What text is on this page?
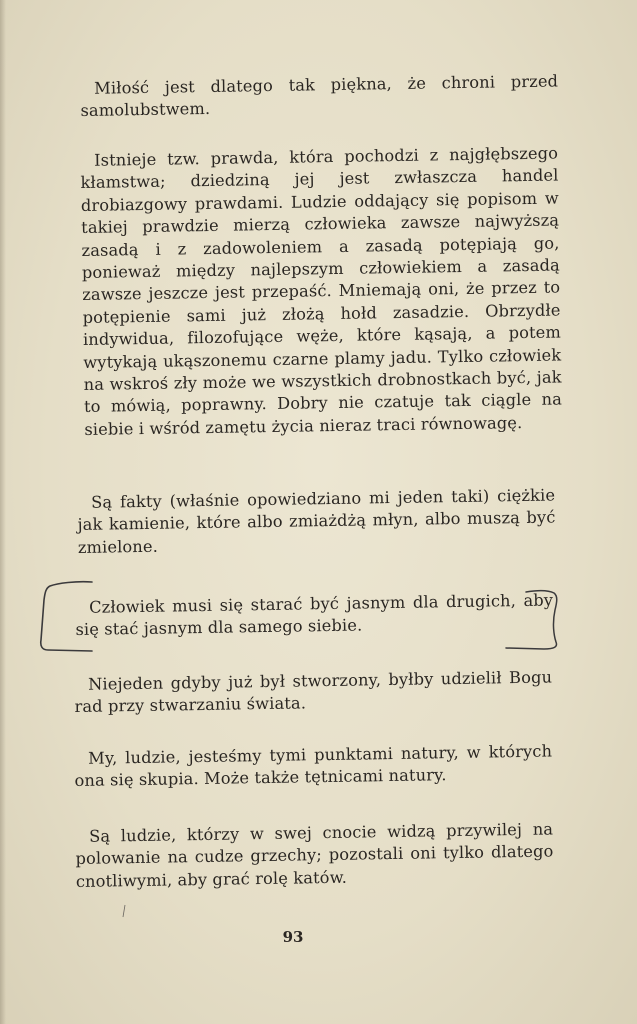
Miłość jest dlatego tak piękna, że chroni przed samolubstwem.

Istnieje tzw. prawda, która pochodzi z najgłębszego kłamstwa; dziedziną jej jest zwłaszcza handel drobiazgowy prawdami. Ludzie oddający się popisom w takiej prawdzie mierzą człowieka zawsze najwyższą zasadą i z zadowoleniem a zasadą potępiają go, ponieważ między najlepszym człowiekiem a zasadą zawsze jeszcze jest przepaść. Mniemają oni, że przez to potępienie sami już złożą hołd zasadzie. Obrzydłe indywidua, filozofujące węże, które kąsają, a potem wytykają ukąszonemu czarne plamy jadu. Tylko człowiek na wskroś zły może we wszystkich drobnostkach być, jak to mówią, poprawny. Dobry nie czatuje tak ciągle na siebie i wśród zamętu życia nieraz traci równowagę.

Są fakty (właśnie opowiedziano mi jeden taki) ciężkie jak kamienie, które albo zmiażdżą młyn, albo muszą być zmielone.

Człowiek musi się starać być jasnym dla drugich, aby się stać jasnym dla samego siebie.

Niejeden gdyby już był stworzony, byłby udzielił Bogu rad przy stwarzaniu świata.

My, ludzie, jesteśmy tymi punktami natury, w których ona się skupia. Może także tętnicami natury.

Są ludzie, którzy w swej cnocie widzą przywilej na polowanie na cudze grzechy; pozostali oni tylko dlatego cnotliwymi, aby grać rolę katów.

93
